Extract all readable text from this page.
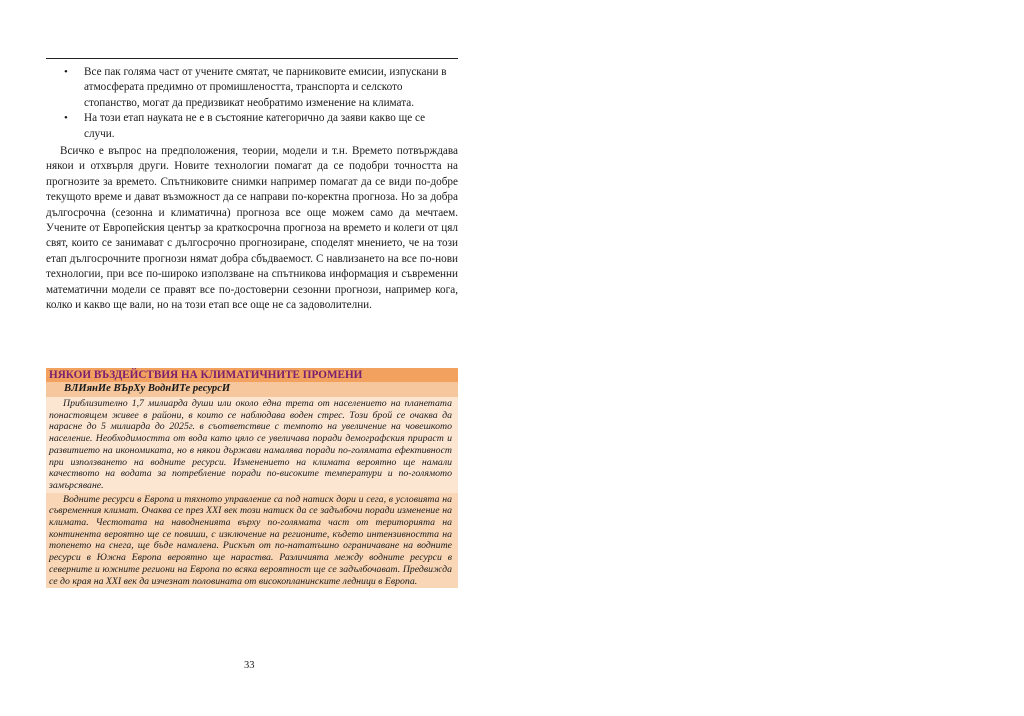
• Все пак голяма част от учените смятат, че парниковите емисии, изпускани в атмосферата предимно от промишлеността, транспорта и селското стопанство, могат да предизвикат необратимо изменение на климата.
• На този етап науката не е в състояние категорично да заяви какво ще се случи.

Всичко е въпрос на предположения, теории, модели и т.н. Времето потвърждава някои и отхвърля други. Новите технологии помагат да се подобри точността на прогнозите за времето. Спътниковите снимки например помагат да се види по-добре текущото време и дават възможност да се направи по-коректна прогноза. Но за добра дългосрочна (сезонна и климатична) прогноза все още можем само да мечтаем. Учените от Европейския център за краткосрочна прогноза на времето и колеги от цял свят, които се занимават с дългосрочно прогнозиране, споделят мнението, че на този етап дългосрочните прогнози нямат добра сбъдваемост. С навлизането на все по-нови технологии, при все по-широко използване на спътникова информация и съвременни математични модели се правят все по-достоверни сезонни прогнози, например кога, колко и какво ще вали, но на този етап все още не са задоволителни.

НЯКОИ ВЪЗДЕЙСТВИЯ НА КЛИМАТИЧНИТЕ ПРОМЕНИ
ВЛИянИе ВЪрХу ВоднИТе ресурсИ

Приблизително 1,7 милиарда души или около една трета от населението на планетата понастоящем живее в райони, в които се наблюдава воден стрес. Този брой се очаква да нарасне до 5 милиарда до 2025г. в съответствие с темпото на увеличение на човешкото население. Необходимостта от вода като цяло се увеличава поради демографския прираст и развитието на икономиката, но в някои държави намалява поради по-голямата ефективност при използването на водните ресурси. Изменението на климата вероятно ще намали качеството на водата за потребление поради по-високите температури и по-голямото замърсяване.

Водните ресурси в Европа и тяхното управление са под натиск дори и сега, в условията на съвременния климат. Очаква се през XXI век този натиск да се задълбочи поради изменение на климата. Честотата на наводненията върху по-голямата част от територията на континента вероятно ще се повиши, с изключение на регионите, където интензивността на топенето на снега, ще бъде намалена. Рискът от по-нататъшно ограничаване на водните ресурси в Южна Европа вероятно ще нараства. Различията между водните ресурси в северните и южните региони на Европа по всяка вероятност ще се задълбочават. Предвижда се до края на XXI век да изчезнат половината от високопланинските ледници в Европа.

33
